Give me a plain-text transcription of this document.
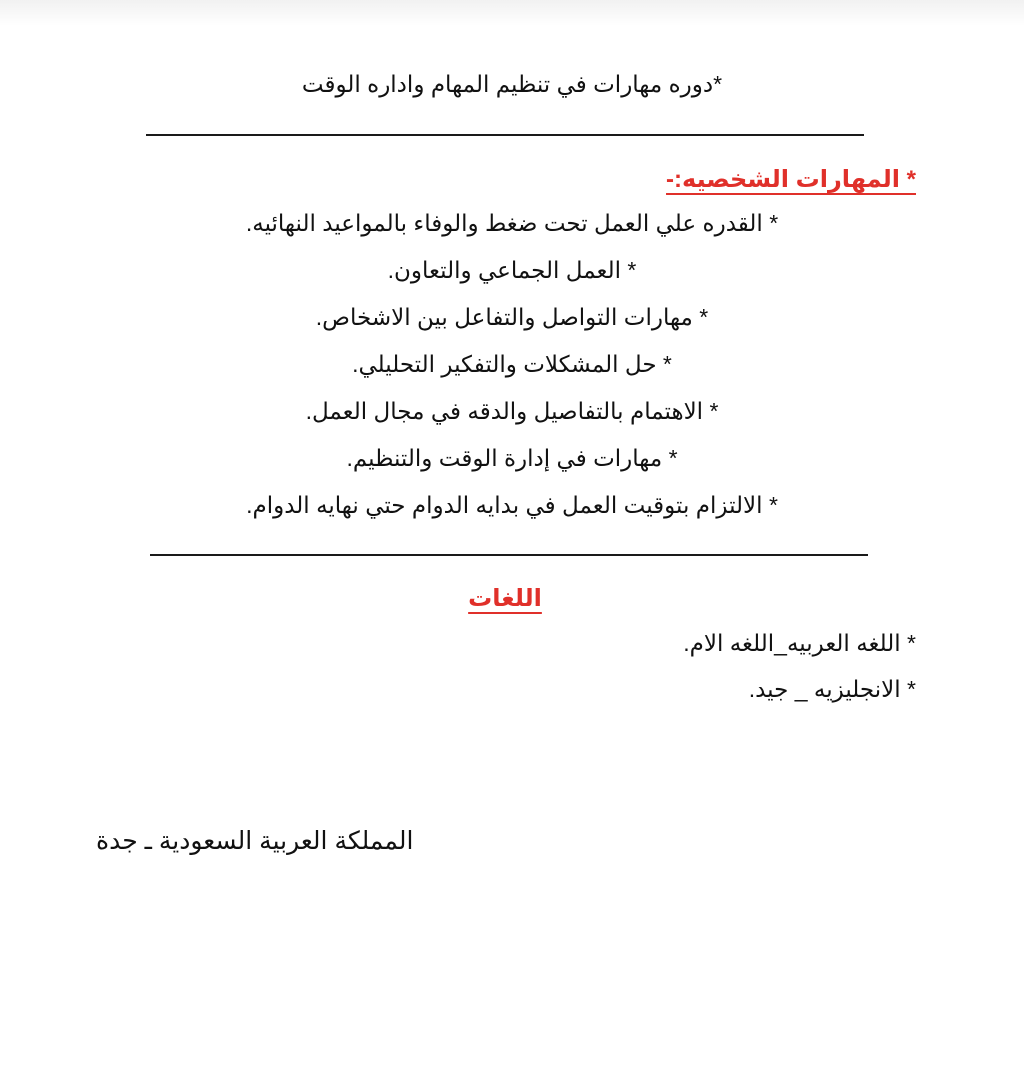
*دوره مهارات في تنظيم المهام واداره الوقت
* المهارات الشخصيه:-
* القدره علي العمل تحت ضغط والوفاء بالمواعيد النهائيه.
* العمل الجماعي والتعاون.
* مهارات التواصل والتفاعل بين الاشخاص.
* حل المشكلات والتفكير التحليلي.
* الاهتمام بالتفاصيل والدقه في مجال العمل.
* مهارات في إدارة الوقت والتنظيم.
* الالتزام بتوقيت العمل في بدايه الدوام حتي نهايه الدوام.
اللغات
* اللغه العربيه_اللغه الام.
* الانجليزيه _ جيد.
المملكة العربية السعودية ـ جدة
